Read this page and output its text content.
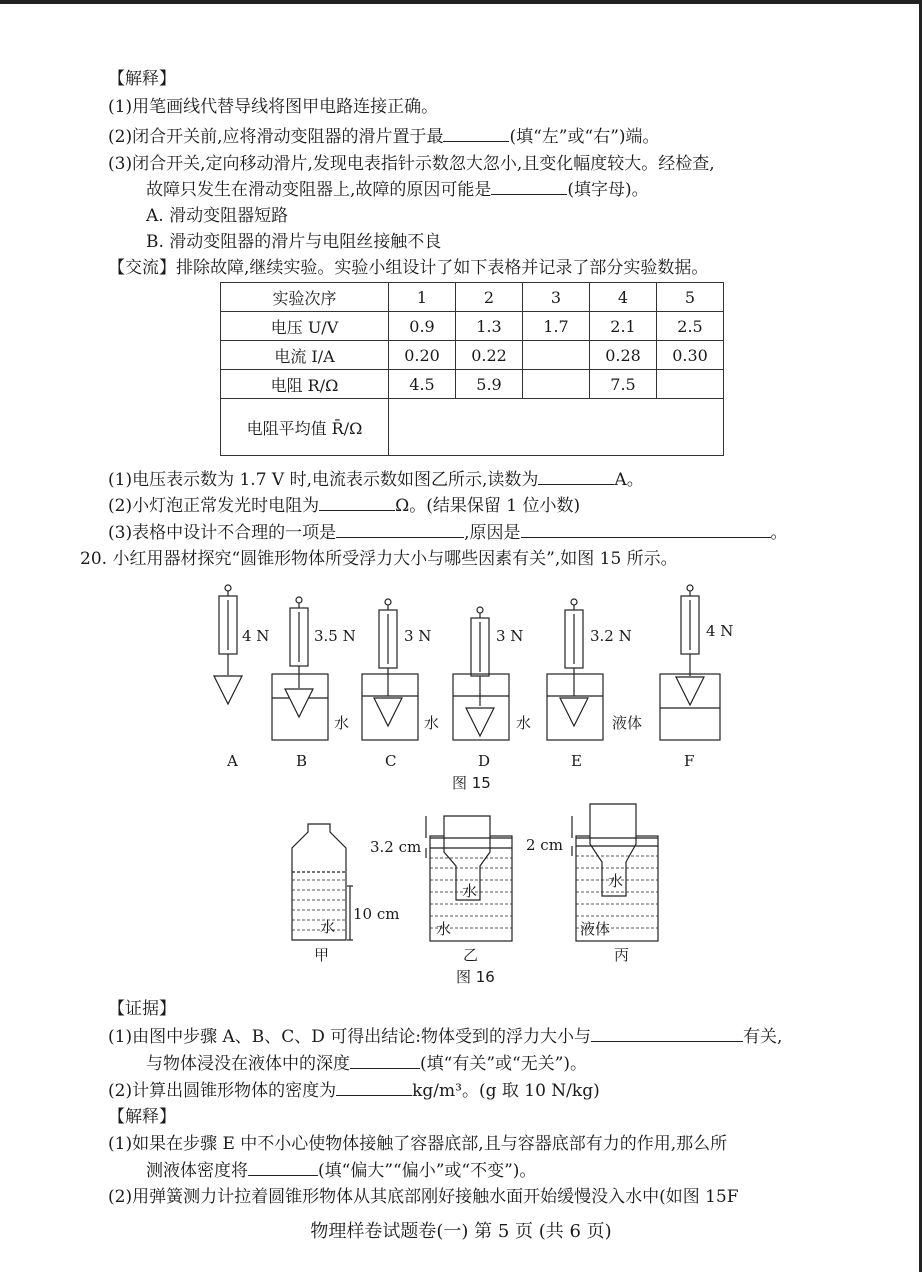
【解释】
(1)用笔画线代替导线将图甲电路连接正确。
(2)闭合开关前,应将滑动变阻器的滑片置于最	(填“左”或“右”)端。
(3)闭合开关,定向移动滑片,发现电表指针示数忽大忽小,且变化幅度较大。经检查,
故障只发生在滑动变阻器上,故障的原因可能是	(填字母)。
A. 滑动变阻器短路
B. 滑动变阻器的滑片与电阻丝接触不良
【交流】排除故障,继续实验。实验小组设计了如下表格并记录了部分实验数据。
实验次序	1	2	3	4	5
电压 U/V	0.9	1.3	1.7	2.1	2.5
电流 I/A	0.20	0.22		0.28	0.30
电阻 R/Ω	4.5	5.9		7.5	
电阻平均值 R̄/Ω					
(1)电压表示数为 1.7 V 时,电流表示数如图乙所示,读数为	A。
(2)小灯泡正常发光时电阻为	Ω。(结果保留 1 位小数)
(3)表格中设计不合理的一项是	,原因是	。
20. 小红用器材探究“圆锥形物体所受浮力大小与哪些因素有关”,如图 15 所示。
4 N	3.5 N	3 N	3 N	3.2 N	4 N
水	水	水	液体
A	B	C	D	E	F
图 15
10 cm
水
3.2 cm
水
水
2 cm
水
液体
甲	乙	丙
图 16
【证据】
(1)由图中步骤 A、B、C、D 可得出结论:物体受到的浮力大小与	有关,
与物体浸没在液体中的深度	(填“有关”或“无关”)。
(2)计算出圆锥形物体的密度为	kg/m³。(g 取 10 N/kg)
【解释】
(1)如果在步骤 E 中不小心使物体接触了容器底部,且与容器底部有力的作用,那么所
测液体密度将	(填“偏大”“偏小”或“不变”)。
(2)用弹簧测力计拉着圆锥形物体从其底部刚好接触水面开始缓慢没入水中(如图 15F
物理样卷试题卷(一) 第 5 页 (共 6 页)
